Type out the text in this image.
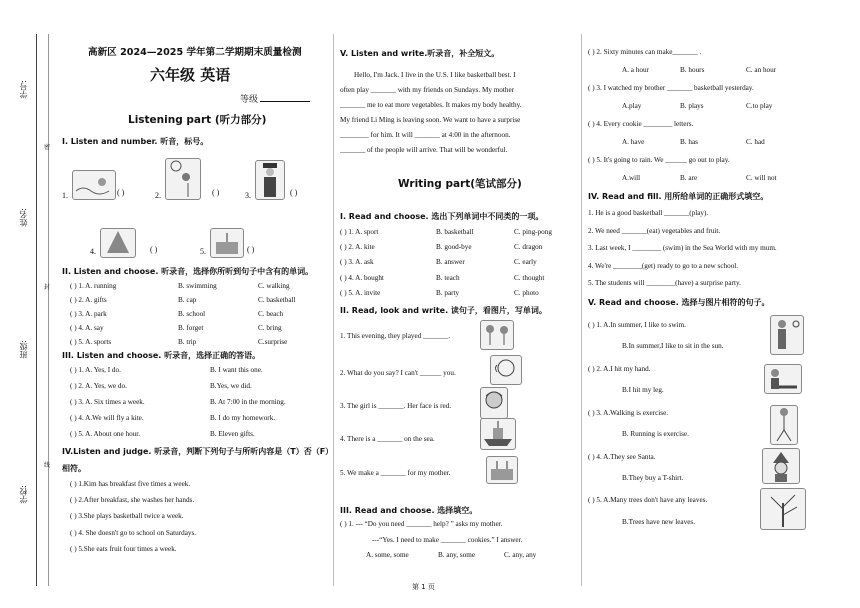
学号:
姓名:
班级:
学校:
密
封
线
高新区 2024—2025 学年第二学期期末质量检测
六年级 英语
等级
Listening part (听力部分)
I. Listen and number. 听音，标号。
1.	( )	2.	( )	3.	( )
4.	( )	5.	( )
II. Listen and choose. 听录音，选择你所听到句子中含有的单词。
( ) 1. A. running	B. swimming	C. walking
( ) 2. A. gifts	B. cap	C. basketball
( ) 3. A. park	B. school	C. beach
( ) 4. A. say	B. forget	C. bring
( ) 5. A. sports	B. trip	C.surprise
III. Listen and choose. 听录音，选择正确的答语。
( ) 1. A. Yes, I do.	B. I want this one.
( ) 2. A. Yes, we do.	B.Yes, we did.
( ) 3. A. Six times a week.	B. At 7:00 in the morning.
( ) 4. A.We will fly a kite.	B. I do my homework.
( ) 5. A. About one hour.	B. Eleven gifts.
IV.Listen and judge. 听录音，判断下列句子与所听内容是（T）否（F）
相符。
( ) 1.Kim has breakfast five times a week.
( ) 2.After breakfast, she washes her hands.
( ) 3.She plays basketball twice a week.
( ) 4. She doesn't go to school on Saturdays.
( ) 5.She eats fruit four times a week.
V. Listen and write.听录音，补全短文。
Hello, I'm Jack. I live in the U.S. I like basketball best. I
often play _______ with my friends on Sundays. My mother
_______ me to eat more vegetables. It makes my body healthy.
My friend Li Ming is leaving soon. We want to have a surprise
________ for him. It will _______ at 4:00 in the afternoon.
_______ of the people will arrive. That will be wonderful.
Writing part(笔试部分)
I. Read and choose. 选出下列单词中不同类的一项。
( ) 1. A. sport	B. basketball	C. ping-pong
( ) 2. A. kite	B. good-bye	C. dragon
( ) 3. A. ask	B. answer	C. early
( ) 4. A. bought	B. teach	C. thought
( ) 5. A. invite	B. party	C. photo
II. Read, look and write. 读句子，看图片，写单词。
1. This evening, they played _______.
2. What do you say? I can't ______ you.
3. The girl is _______. Her face is red.
4. There is a _______ on the sea.
5. We make a _______ for my mother.
III. Read and choose. 选择填空。
( ) 1. --- “Do you need _______ help? ” asks my mother.
---“Yes. I need to make _______ cookies.” I answer.
A. some, some	B. any, some	C. any, any
( ) 2. Sixty minutes can make_______ .
A. a hour	B. hours	C. an hour
( ) 3. I watched my brother _______ basketball yesterday.
A.play	B. plays	C.to play
( ) 4. Every cookie ________ letters.
A. have	B. has	C. had
( ) 5. It's going to rain. We ______ go out to play.
A.will	B. are	C. will not
IV. Read and fill. 用所给单词的正确形式填空。
1. He is a good basketball _______(play).
2. We need _______(eat) vegetables and fruit.
3. Last week, I ________ (swim) in the Sea World with my mum.
4. We're ________(get) ready to go to a new school.
5. The students will ________(have) a surprise party.
V. Read and choose. 选择与图片相符的句子。
( ) 1. A.In summer, I like to swim.
B.In summer,I like to sit in the sun.
( ) 2. A.I hit my hand.
B.I hit my leg.
( ) 3. A.Walking is exercise.
B. Running is exercise.
( ) 4. A.They see Santa.
B.They buy a T-shirt.
( ) 5. A.Many trees don't have any leaves.
B.Trees have new leaves.
第 1 页
